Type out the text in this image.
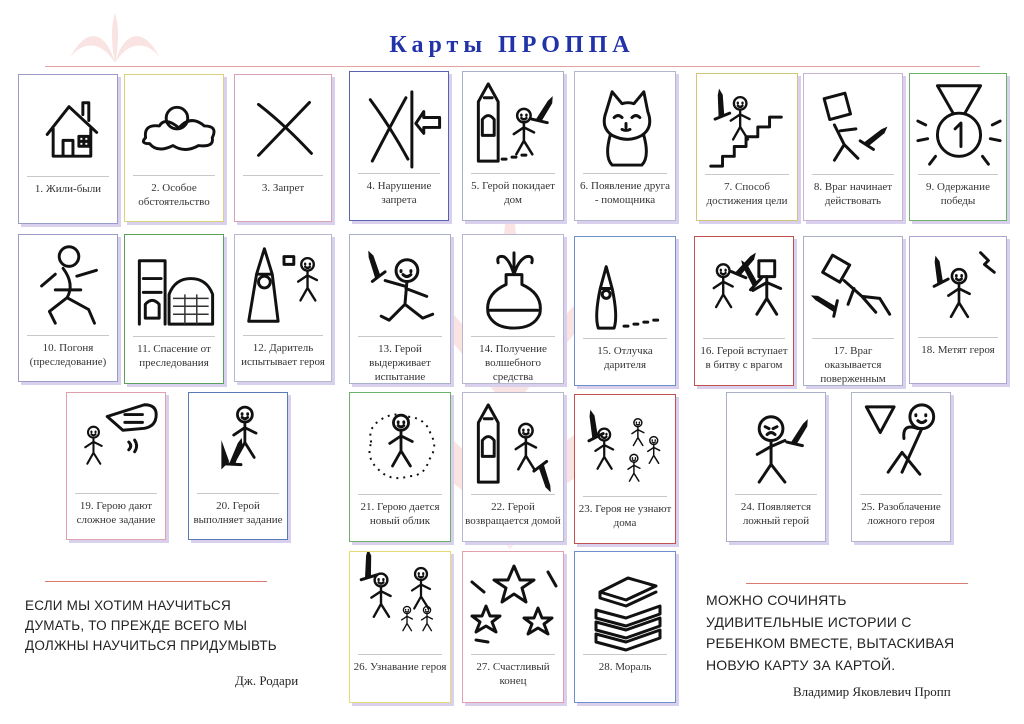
Карты ПРОППА
1. Жили-были	2. Особое обстоятельство
3. Запрет	4. Нарушение запрета
5. Герой покидает дом
6. Появление друга - помощника
7. Способ достижения цели
8. Враг начинает действовать
9. Одержание победы
10. Погоня (преследование)
11. Спасение от преследования
12. Даритель испытывает героя
13. Герой выдерживает испытание
14. Получение волшебного средства
15. Отлучка дарителя
16. Герой вступает в битву с врагом
17. Враг оказывается поверженным
18. Метят героя
19. Герою дают сложное задание
20. Герой выполняет задание
21. Герою дается новый облик
22. Герой возвращается домой
23. Героя не узнают дома
24. Появляется ложный герой
25. Разоблачение ложного героя
26. Узнавание героя	27. Счастливый конец
28. Мораль
ЕСЛИ МЫ ХОТИМ НАУЧИТЬСЯ
ДУМАТЬ, ТО ПРЕЖДЕ ВСЕГО МЫ
ДОЛЖНЫ НАУЧИТЬСЯ ПРИДУМЫВТЬ
Дж. Родари
МОЖНО СОЧИНЯТЬ
УДИВИТЕЛЬНЫЕ ИСТОРИИ С
РЕБЕНКОМ ВМЕСТЕ, ВЫТАСКИВАЯ
НОВУЮ КАРТУ ЗА КАРТОЙ.
Владимир Яковлевич Пропп
